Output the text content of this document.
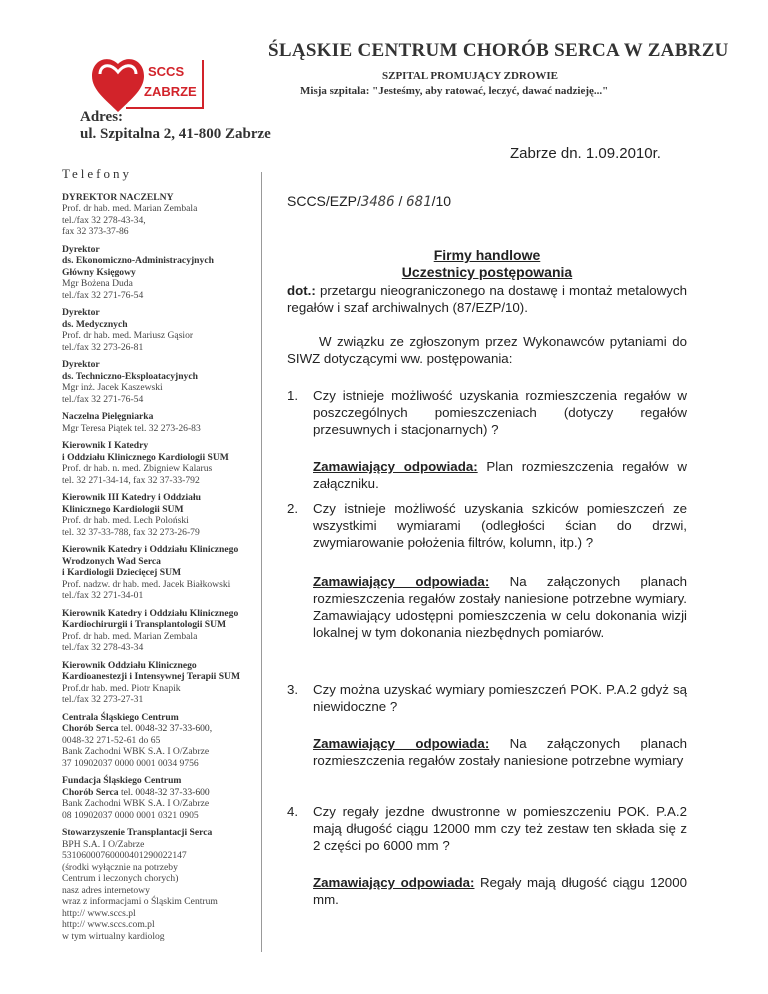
SCCS
ZABRZE
ŚLĄSKIE CENTRUM CHORÓB SERCA W ZABRZU
SZPITAL PROMUJĄCY ZDROWIE
Misja szpitala: "Jesteśmy, aby ratować, leczyć, dawać nadzieję..."
Adres:
ul. Szpitalna 2, 41-800 Zabrze
Zabrze dn. 1.09.2010r.
Telefony
DYREKTOR NACZELNY
Prof. dr hab. med. Marian Zembala
tel./fax 32 278-43-34,
fax 32 373-37-86
Dyrektor
ds. Ekonomiczno-Administracyjnych
Główny Księgowy
Mgr Bożena Duda
tel./fax 32 271-76-54
Dyrektor
ds. Medycznych
Prof. dr hab. med. Mariusz Gąsior
tel./fax 32 273-26-81
Dyrektor
ds. Techniczno-Eksploatacyjnych
Mgr inż. Jacek Kaszewski
tel./fax 32 271-76-54
Naczelna Pielęgniarka
Mgr Teresa Piątek tel. 32 273-26-83
Kierownik I Katedry
i Oddziału Klinicznego Kardiologii SUM
Prof. dr hab. n. med. Zbigniew Kalarus
tel. 32 271-34-14, fax 32 37-33-792
Kierownik III Katedry i Oddziału
Klinicznego Kardiologii SUM
Prof. dr hab. med. Lech Poloński
tel. 32 37-33-788, fax 32 273-26-79
Kierownik Katedry i Oddziału Klinicznego
Wrodzonych Wad Serca
i Kardiologii Dziecięcej SUM
Prof. nadzw. dr hab. med. Jacek Białkowski
tel./fax 32 271-34-01
Kierownik Katedry i Oddziału Klinicznego
Kardiochirurgii i Transplantologii SUM
Prof. dr hab. med. Marian Zembala
tel./fax 32 278-43-34
Kierownik Oddziału Klinicznego
Kardioanestezji i Intensywnej Terapii SUM
Prof.dr hab. med. Piotr Knapik
tel./fax 32 273-27-31
Centrala Śląskiego Centrum
Chorób Serca tel. 0048-32 37-33-600,
0048-32 271-52-61 do 65
Bank Zachodni WBK S.A. I O/Zabrze
37 10902037 0000 0001 0034 9756
Fundacja Śląskiego Centrum
Chorób Serca tel. 0048-32 37-33-600
Bank Zachodni WBK S.A. I O/Zabrze
08 10902037 0000 0001 0321 0905
Stowarzyszenie Transplantacji Serca
BPH S.A. I O/Zabrze
53106000760000401290022147
(środki wyłącznie na potrzeby
Centrum i leczonych chorych)
nasz adres internetowy
wraz z informacjami o Śląskim Centrum
http:// www.sccs.pl
http:// www.sccs.com.pl
w tym wirtualny kardiolog
SCCS/EZP/3486 / 681/10
Firmy handlowe
Uczestnicy postępowania
dot.: przetargu nieograniczonego na dostawę i montaż metalowych regałów i szaf archiwalnych (87/EZP/10).
W związku ze zgłoszonym przez Wykonawców pytaniami do SIWZ dotyczącymi ww. postępowania:
1.	Czy istnieje możliwość uzyskania rozmieszczenia regałów w poszczególnych pomieszczeniach (dotyczy regałów przesuwnych i stacjonarnych) ?
Zamawiający odpowiada: Plan rozmieszczenia regałów w załączniku.
2.	Czy istnieje możliwość uzyskania szkiców pomieszczeń ze wszystkimi wymiarami (odległości ścian do drzwi, zwymiarowanie położenia filtrów, kolumn, itp.) ?
Zamawiający odpowiada: Na załączonych planach rozmieszczenia regałów zostały naniesione potrzebne wymiary. Zamawiający udostępni pomieszczenia w celu dokonania wizji lokalnej w tym dokonania niezbędnych pomiarów.
3.	Czy można uzyskać wymiary pomieszczeń POK. P.A.2 gdyż są niewidoczne ?
Zamawiający odpowiada: Na załączonych planach rozmieszczenia regałów zostały naniesione potrzebne wymiary
4.	Czy regały jezdne dwustronne w pomieszczeniu POK. P.A.2 mają długość ciągu 12000 mm czy też zestaw ten składa się z 2 części po 6000 mm ?
Zamawiający odpowiada: Regały mają długość ciągu 12000 mm.
